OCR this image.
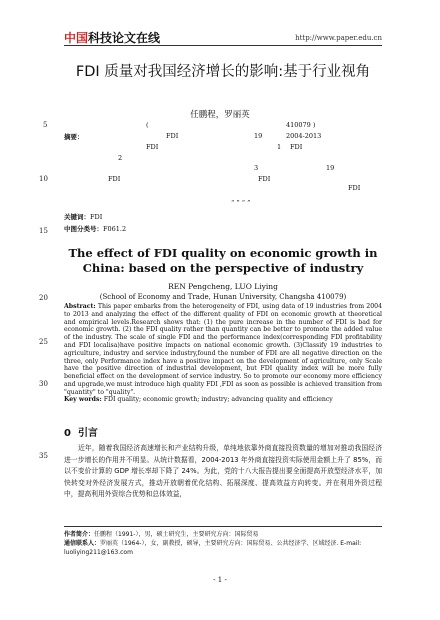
中国科技论文在线	http://www.paper.edu.cn
FDI 质量对我国经济增长的影响:基于行业视角
任鹏程，罗丽英
5
10
15
20
25
30
35
(	410079 )
摘要：	FDI	19	2004-2013
FDI	1 FDI
2
3	19
FDI	FDI
FDI
“ ” “ ”
关键词：FDI
中图分类号：F061.2
The effect of FDI quality on economic growth in China: based on the perspective of industry
REN Pengcheng, LUO Liying
(School of Economy and Trade, Hunan University, Changsha 410079)
Abstract: This paper embarks from the heterogeneity of FDI, using data of 19 industries from 2004 to 2013 and analyzing the effect of the different quality of FDI on economic growth at theoretical and empirical levels.Research shows that: (1) the pure increase in the number of FDI is bad for economic growth. (2) the FDI quality rather than quantity can be better to promote the added value of the industry. The scale of single FDI and the performance index(corresponding FDI profitability and FDI localisa)have positive impacts on national economic growth. (3)Classify 19 industries to agriculture, industry and service industry,found the number of FDI are all negative direction on the three, only Performance index have a positive impact on the development of agriculture, only Scale have the positive direction of industrial development, but FDI quality index will be more fully beneficial effect on the development of service industry. So to promote our economy more efficiency and upgrade,we must introduce high quality FDI ,FDI as soon as possible is achieved transition from "quantity" to "quality".
Key words: FDI quality; economic growth; industry; advancing quality and efficiency
0 引言
近年，随着我国经济高速增长和产业结构升级，单纯地依靠外商直接投资数量的增加对推动我国经济进一步增长的作用并不明显。从统计数据看，2004-2013 年外商直接投资实际使用金额上升了 85%，而以不变价计算的 GDP 增长率却下降了 24%。为此，党的十八大报告提出要全面提高开放型经济水平，加快转变对外经济发展方式，推动开放朝着优化结构、拓展深度、提高效益方向转变。并在利用外资过程中，提高利用外资综合优势和总体效益，
作者简介：任鹏程（1991-），男，硕士研究生，主要研究方向：国际贸易
通信联系人：罗丽英（1964-），女，副教授，硕导，主要研究方向：国际贸易、公共经济学、区域经济. E-mail:
luoliying211@163.com
- 1 -
